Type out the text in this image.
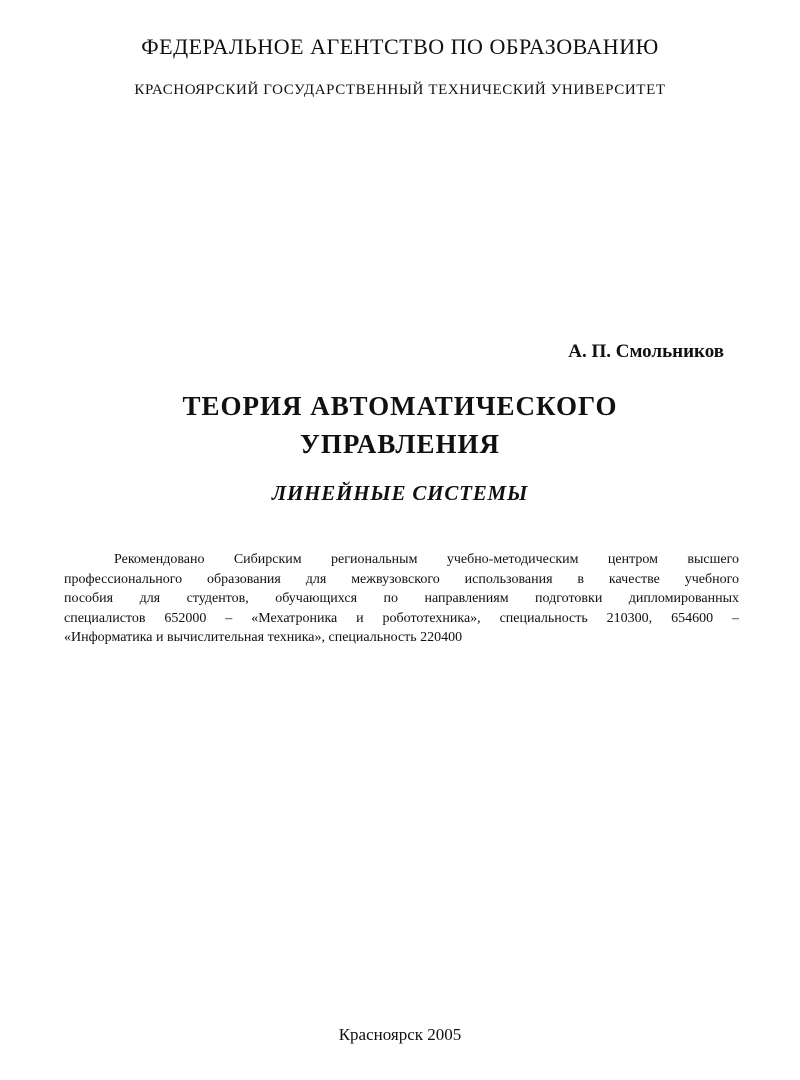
ФЕДЕРАЛЬНОЕ АГЕНТСТВО ПО ОБРАЗОВАНИЮ
КРАСНОЯРСКИЙ ГОСУДАРСТВЕННЫЙ ТЕХНИЧЕСКИЙ УНИВЕРСИТЕТ
А. П. Смольников
ТЕОРИЯ АВТОМАТИЧЕСКОГО
УПРАВЛЕНИЯ
ЛИНЕЙНЫЕ СИСТЕМЫ
Рекомендовано Сибирским региональным учебно-методическим центром высшего
профессионального образования для межвузовского использования в качестве учебного
пособия для студентов, обучающихся по направлениям подготовки дипломированных
специалистов 652000 – «Мехатроника и робототехника», специальность 210300, 654600 –
«Информатика и вычислительная техника», специальность 220400
Красноярск 2005
